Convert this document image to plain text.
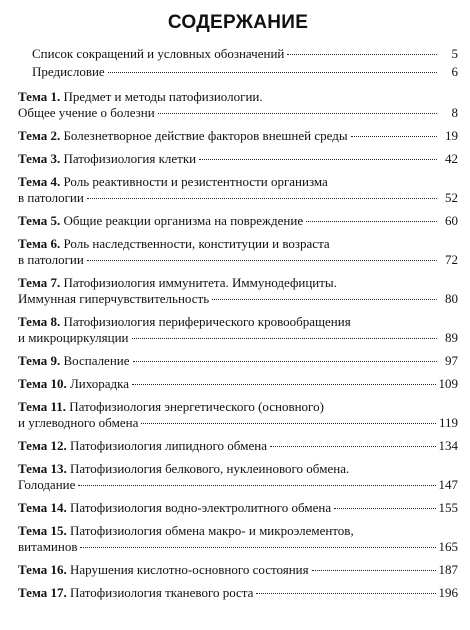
СОДЕРЖАНИЕ
Список сокращений и условных обозначений	5
Предисловие	6
Тема 1.
Предмет и методы патофизиологии.
Общее учение о болезни	8
Тема 2.
Болезнетворное действие факторов внешней среды	19
Тема 3.
Патофизиология клетки	42
Тема 4.
Роль реактивности и резистентности организма
в патологии	52
Тема 5.
Общие реакции организма на повреждение	60
Тема 6.
Роль наследственности, конституции и возраста
в патологии	72
Тема 7.
Патофизиология иммунитета. Иммунодефициты.
Иммунная гиперчувствительность	80
Тема 8.
Патофизиология периферического кровообращения
и микроциркуляции	89
Тема 9.
Воспаление	97
Тема 10.
Лихорадка	109
Тема 11.
Патофизиология энергетического (основного)
и углеводного обмена	119
Тема 12.
Патофизиология липидного обмена	134
Тема 13.
Патофизиология белкового, нуклеинового обмена.
Голодание	147
Тема 14.
Патофизиология водно-электролитного обмена	155
Тема 15.
Патофизиология обмена макро- и микроэлементов,
витаминов	165
Тема 16.
Нарушения кислотно-основного состояния	187
Тема 17.
Патофизиология тканевого роста	196
